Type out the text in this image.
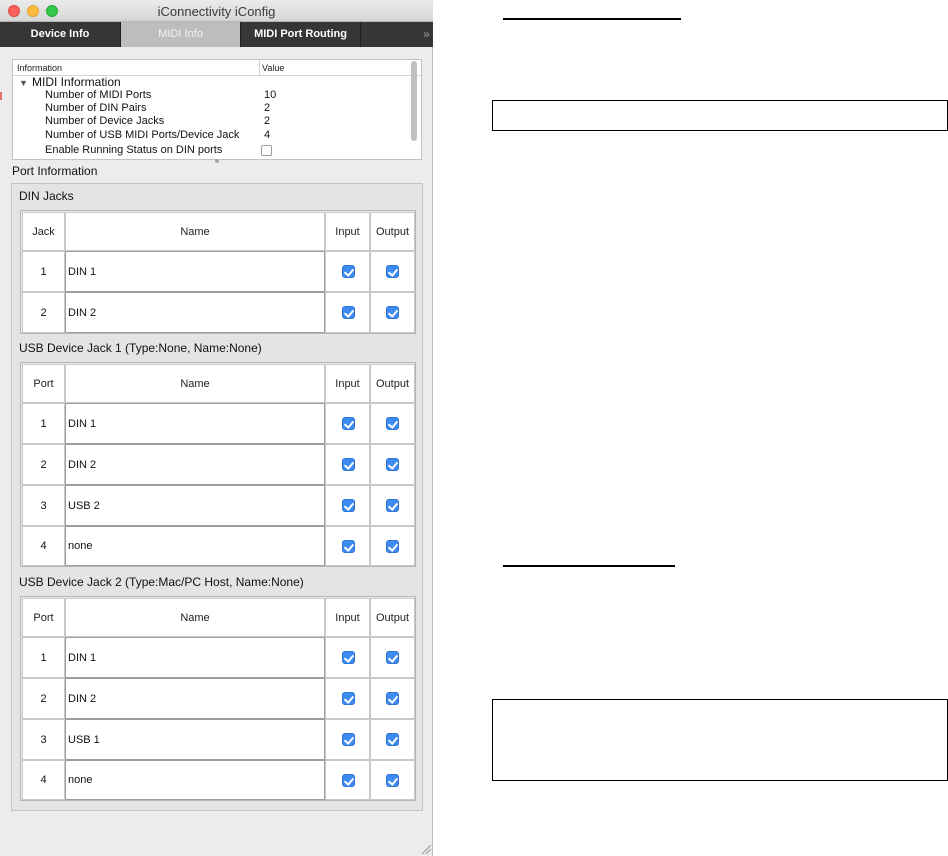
iConnectivity iConfig
Device Info	MIDI Info	MIDI Port Routing	»
Information	Value
▼ MIDI Information
Number of MIDI Ports	10
Number of DIN Pairs	2
Number of Device Jacks	2
Number of USB MIDI Ports/Device Jack 4
Enable Running Status on DIN ports
Port Information
DIN Jacks
Jack	Name	Input	Output
1	DIN 1
2	DIN 2
USB Device Jack 1 (Type:None, Name:None)
Port	Name	Input	Output
1	DIN 1
2	DIN 2
3	USB 2
4	none
USB Device Jack 2 (Type:Mac/PC Host, Name:None)
Port	Name	Input	Output
1	DIN 1
2	DIN 2
3	USB 1
4	none
